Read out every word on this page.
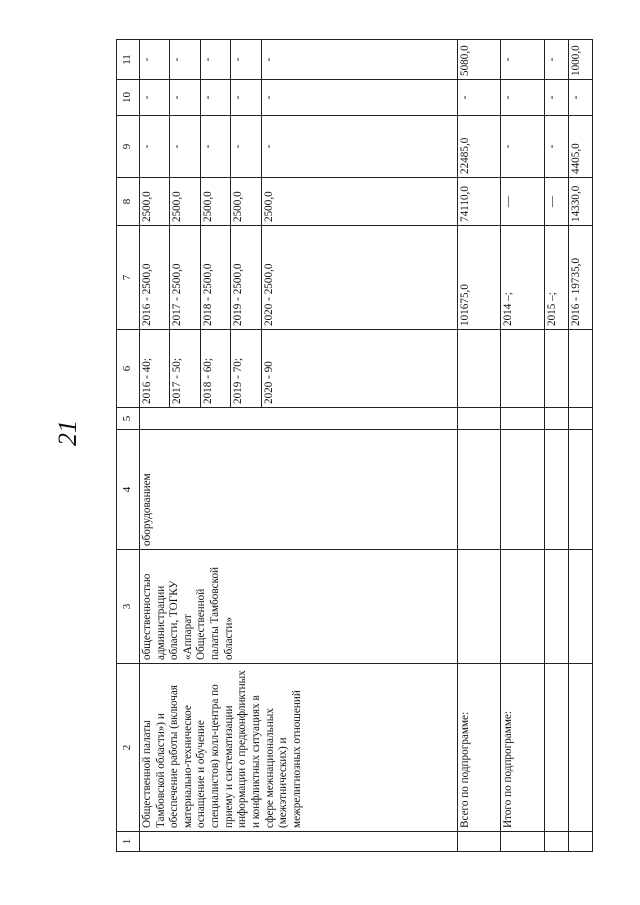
21
1	2	3	4	5	6	7	8	9	10	11
	Общественной палаты Тамбовской области») и обеспечение работы (включая материально-техническое оснащение и обучение специалистов) колл-центра по приему и систематизации информации о предконфликтных и конфликтных ситуациях в сфере межнациональных (межэтнических) и межрелигиозных отношений	общественностью администрации области, ТОГКУ «Аппарат Общественной палаты Тамбовской области»	оборудованием		2016 - 40;	2016 - 2500,0	2500,0	-	-	-
					2017 - 50;	2017 - 2500,0	2500,0	-	-	-
					2018 - 60;	2018 - 2500,0	2500,0	-	-	-
					2019 - 70;	2019 - 2500,0	2500,0	-	-	-
					2020 - 90	2020 - 2500,0	2500,0	-	-	-
	Всего по подпрограмме:					101675,0	74110,0	22485,0	-	5080,0
	Итого по подпрограмме:					2014 –;	—	-	-	-
						2015 –;	—	-	-	-
						2016 - 19735,0	14330,0	4405,0	-	1000,0
